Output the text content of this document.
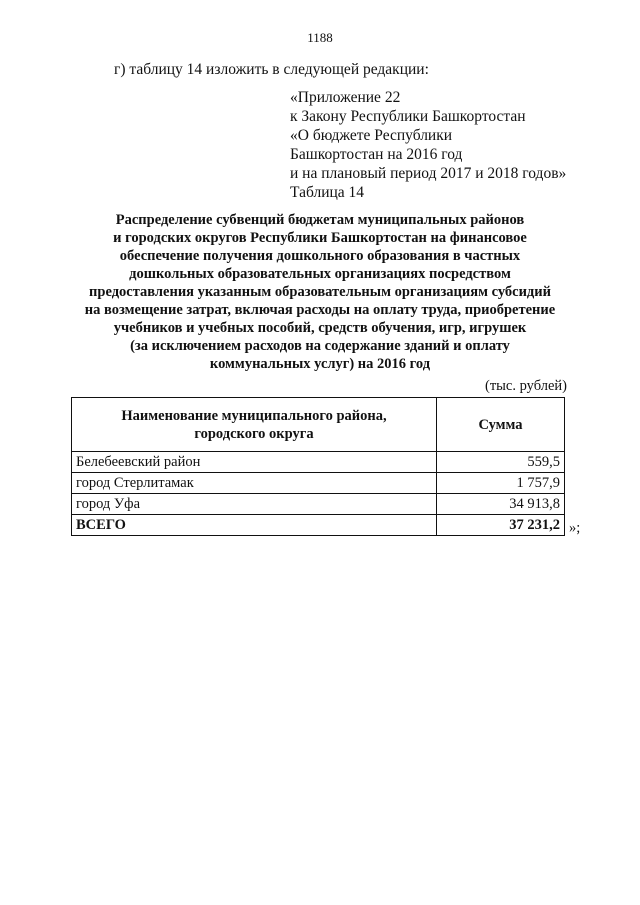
1188
г) таблицу 14 изложить в следующей редакции:
«Приложение 22
к Закону Республики Башкортостан
«О бюджете Республики
Башкортостан на 2016 год
и на плановый период 2017 и 2018 годов»
Таблица 14
Распределение субвенций бюджетам муниципальных районов
и городских округов Республики Башкортостан на финансовое
обеспечение получения дошкольного образования в частных
дошкольных образовательных организациях посредством
предоставления указанным образовательным организациям субсидий
на возмещение затрат, включая расходы на оплату труда, приобретение
учебников и учебных пособий, средств обучения, игр, игрушек
(за исключением расходов на содержание зданий и оплату
коммунальных услуг) на 2016 год
(тыс. рублей)
Наименование муниципального района,
городского округа	Сумма
Белебеевский район	559,5
город Стерлитамак	1 757,9
город Уфа	34 913,8
ВСЕГО	37 231,2 »;
